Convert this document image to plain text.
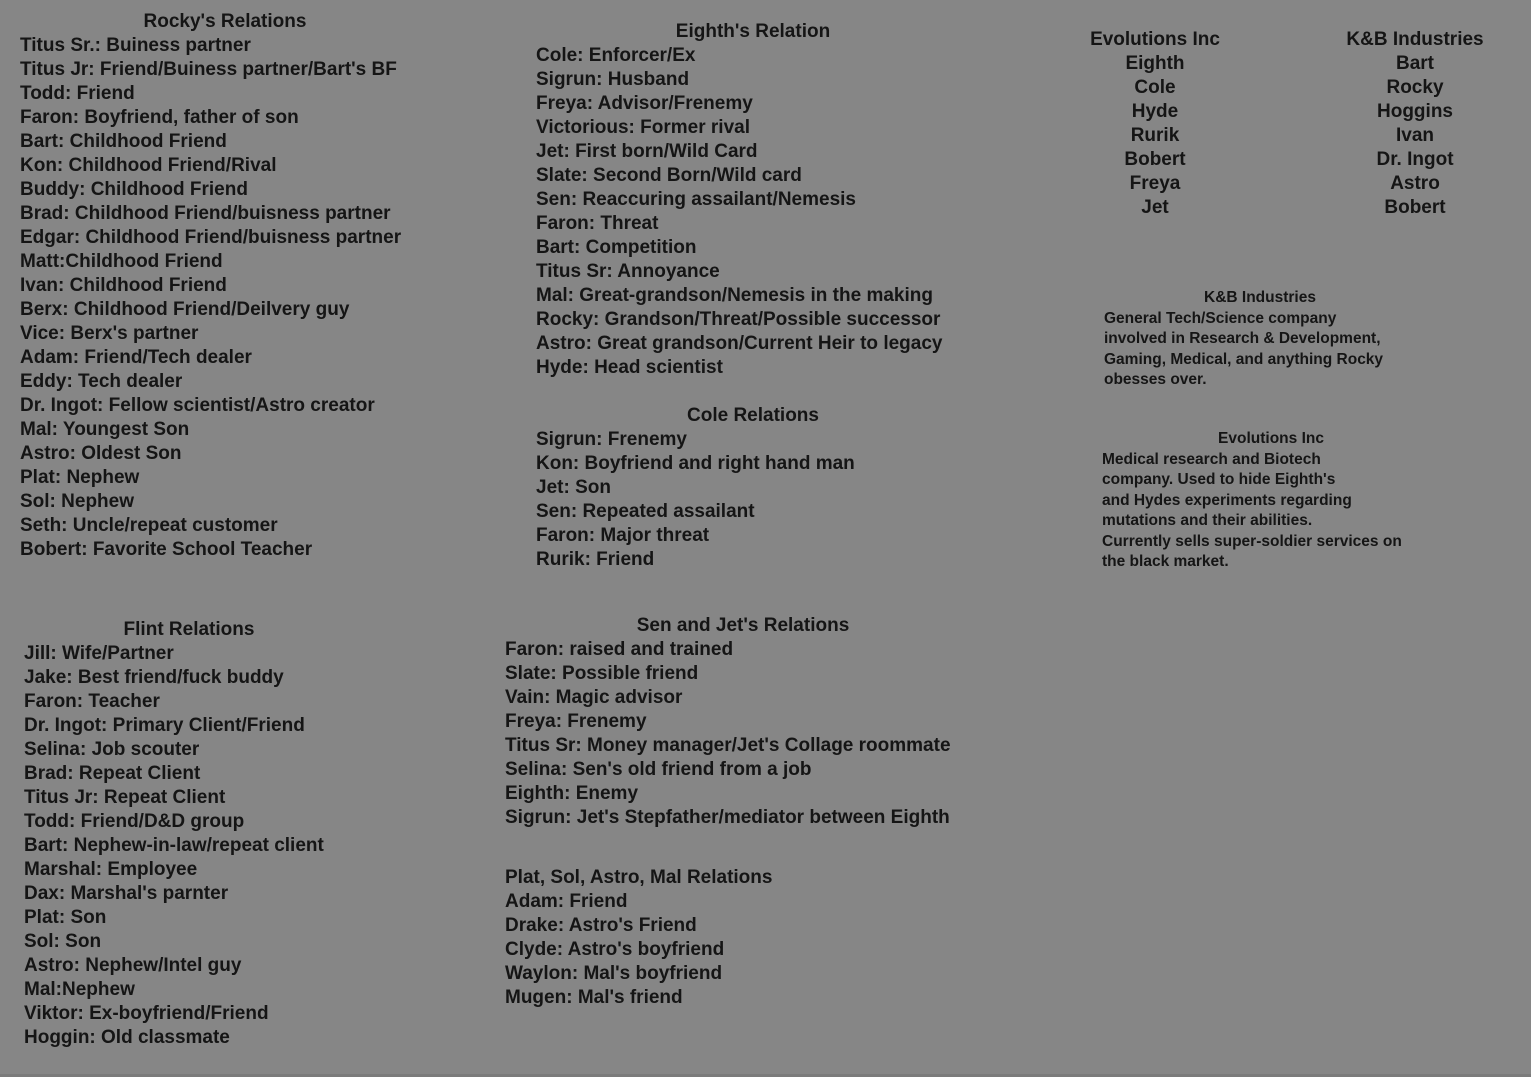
Rocky's Relations
Titus Sr.: Buiness partner
Titus Jr: Friend/Buiness partner/Bart's BF
Todd: Friend
Faron: Boyfriend, father of son
Bart: Childhood Friend
Kon: Childhood Friend/Rival
Buddy: Childhood Friend
Brad: Childhood Friend/buisness partner
Edgar: Childhood Friend/buisness partner
Matt:Childhood Friend
Ivan: Childhood Friend
Berx: Childhood Friend/Deilvery guy
Vice: Berx's partner
Adam: Friend/Tech dealer
Eddy: Tech dealer
Dr. Ingot: Fellow scientist/Astro creator
Mal: Youngest Son
Astro: Oldest Son
Plat: Nephew
Sol: Nephew
Seth: Uncle/repeat customer
Bobert: Favorite School Teacher
Flint Relations
Jill: Wife/Partner
Jake: Best friend/fuck buddy
Faron: Teacher
Dr. Ingot: Primary Client/Friend
Selina: Job scouter
Brad: Repeat Client
Titus Jr: Repeat Client
Todd: Friend/D&D group
Bart: Nephew-in-law/repeat client
Marshal: Employee
Dax: Marshal's parnter
Plat: Son
Sol: Son
Astro: Nephew/Intel guy
Mal:Nephew
Viktor: Ex-boyfriend/Friend
Hoggin: Old classmate
Eighth's Relation
Cole: Enforcer/Ex
Sigrun: Husband
Freya: Advisor/Frenemy
Victorious: Former rival
Jet: First born/Wild Card
Slate: Second Born/Wild card
Sen: Reaccuring assailant/Nemesis
Faron: Threat
Bart: Competition
Titus Sr: Annoyance
Mal: Great-grandson/Nemesis in the making
Rocky: Grandson/Threat/Possible successor
Astro: Great grandson/Current Heir to legacy
Hyde: Head scientist
Cole Relations
Sigrun: Frenemy
Kon: Boyfriend and right hand man
Jet: Son
Sen: Repeated assailant
Faron: Major threat
Rurik: Friend
Sen and Jet's Relations
Faron: raised and trained
Slate: Possible friend
Vain: Magic advisor
Freya: Frenemy
Titus Sr: Money manager/Jet's Collage roommate
Selina: Sen's old friend from a job
Eighth: Enemy
Sigrun: Jet's Stepfather/mediator between Eighth
Plat, Sol, Astro, Mal Relations
Adam: Friend
Drake: Astro's Friend
Clyde: Astro's boyfriend
Waylon: Mal's boyfriend
Mugen: Mal's friend
Evolutions Inc
Eighth
Cole
Hyde
Rurik
Bobert
Freya
Jet
K&B Industries
Bart
Rocky
Hoggins
Ivan
Dr. Ingot
Astro
Bobert
K&B Industries
General Tech/Science company
involved in Research & Development,
Gaming, Medical, and anything Rocky
obesses over.
Evolutions Inc
Medical research and Biotech
company. Used to hide Eighth's
and Hydes experiments regarding
mutations and their abilities.
Currently sells super-soldier services on
the black market.
